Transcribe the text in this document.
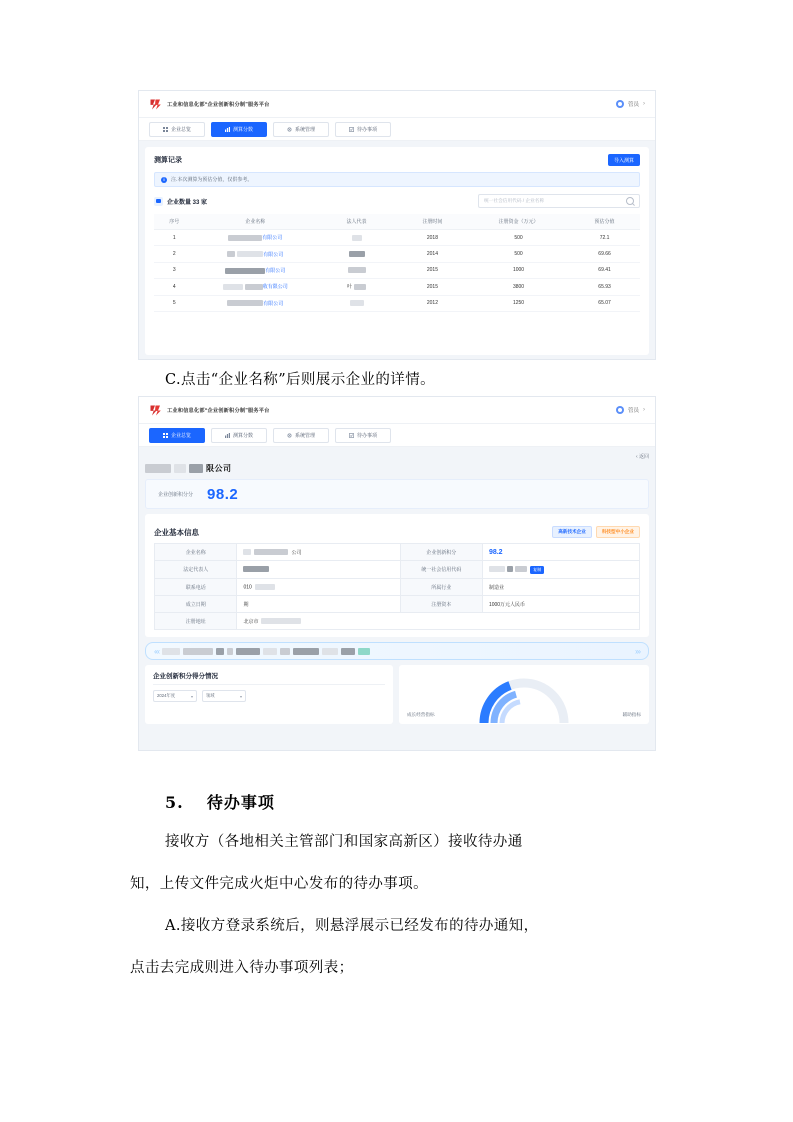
工业和信息化部“企业创新积分制”服务平台	管员 ›
企业总览	测算分数	系统管理	待办事项
测算记录	导入测算
i	注.本次测算为预估分值，仅供参考。
企业数量 33 家	统一社会信用代码 / 企业名称
序号	企业名称	法人代表	注册时间	注册资金（万元）	预估分值
1	有限公司		2018	500	72.1
2	有限公司		2014	500	69.66
3	有限公司		2015	1000	69.41
4	收有限公司	叶	2015	3800	65.93
5	有限公司		2012	1250	65.07
C.点击“企业名称”后则展示企业的详情。
工业和信息化部“企业创新积分制”服务平台	管员 ›
企业总览	测算分数	系统管理	待办事项
‹ 返回
限公司
企业创新积分分 98.2
企业基本信息	高新技术企业	科技型中小企业
企业名称	公司	企业创新积分	98.2
法定代表人		统一社会信用代码	复制
联系电话	010	所属行业	制造业
成立日期	期	注册资本	1000万元人民币
注册地址	北京市		
‹‹‹	›››
企业创新积分得分情况
2024年度	▾	领域	▾
成长经营指标	辅助指标
5. 待办事项
接收方（各地相关主管部门和国家高新区）接收待办通
知，上传文件完成火炬中心发布的待办事项。
A.接收方登录系统后，则悬浮展示已经发布的待办通知，
点击去完成则进入待办事项列表；
